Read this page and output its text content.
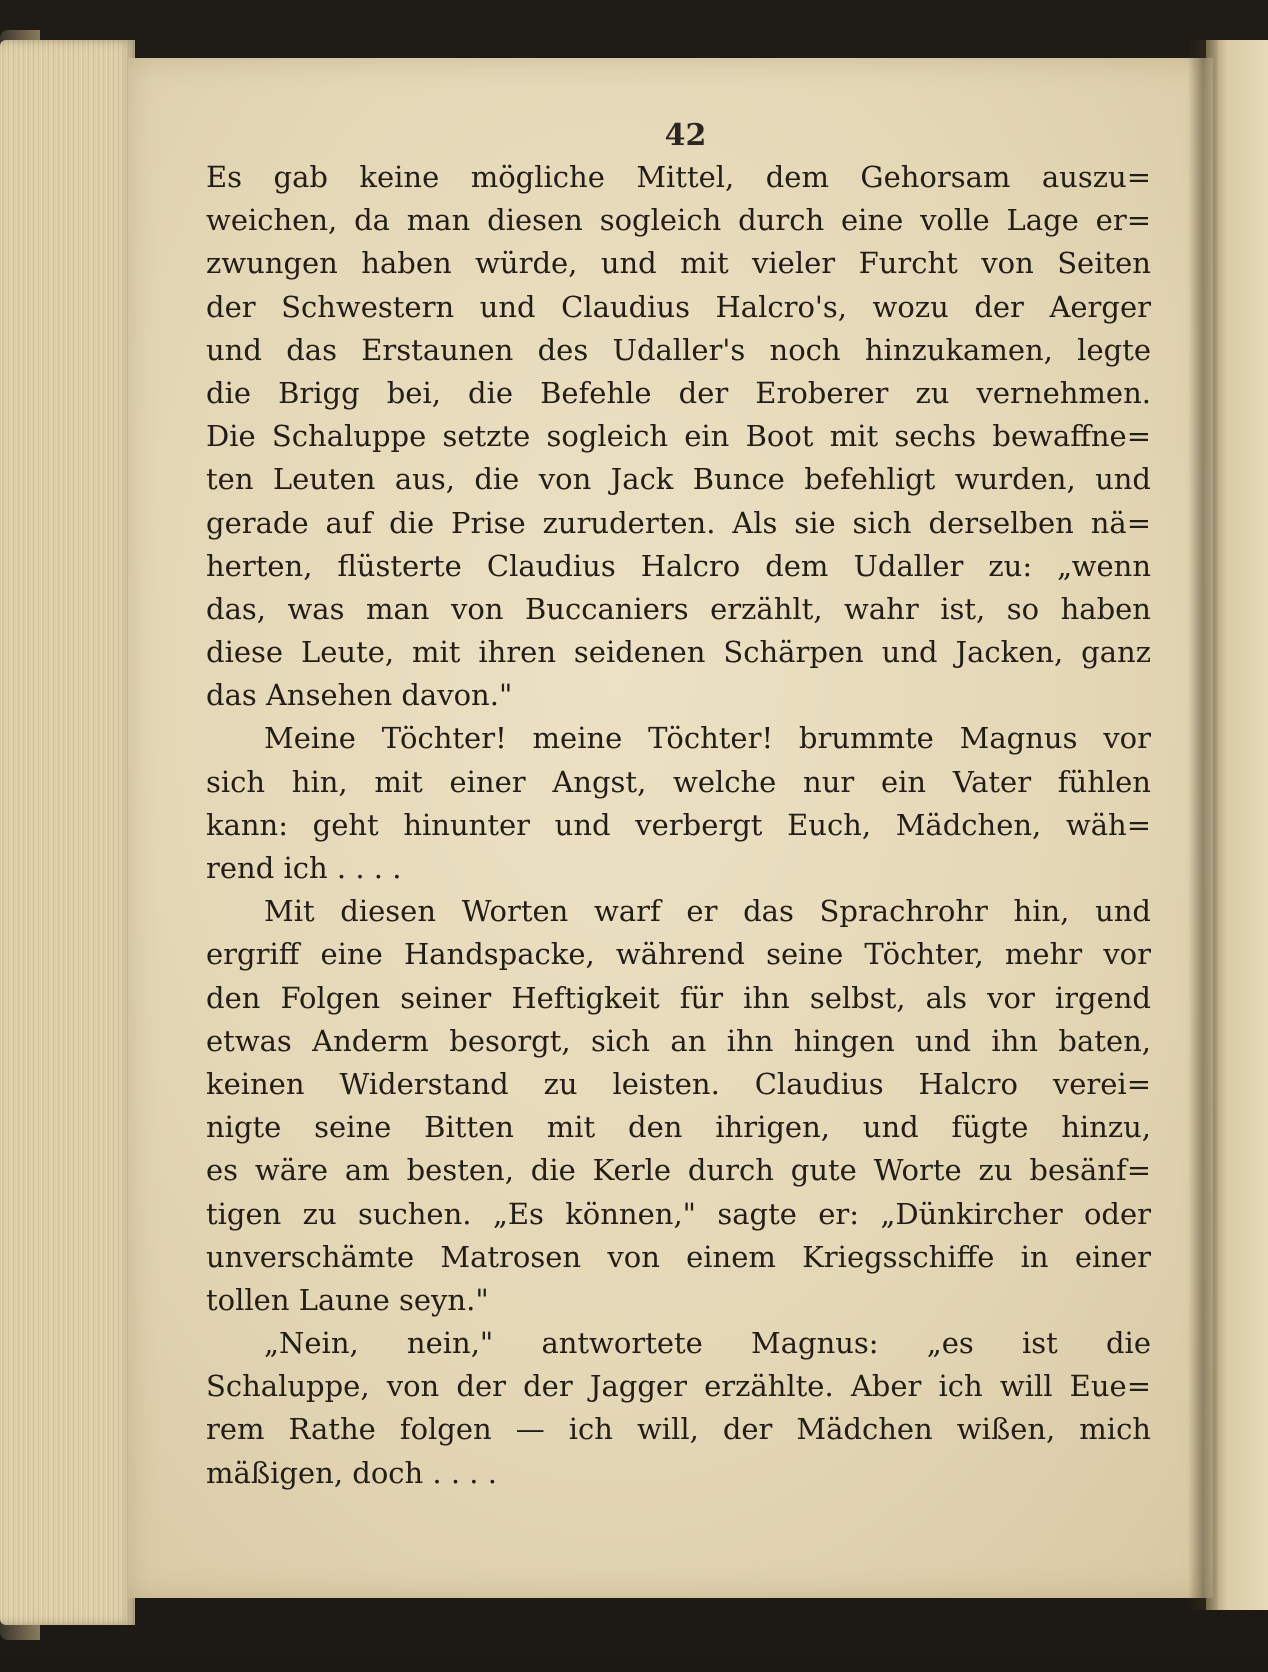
42
Es gab keine mögliche Mittel, dem Gehorsam auszu=
weichen, da man diesen sogleich durch eine volle Lage er=
zwungen haben würde, und mit vieler Furcht von Seiten
der Schwestern und Claudius Halcro's, wozu der Aerger
und das Erstaunen des Udaller's noch hinzukamen, legte
die Brigg bei, die Befehle der Eroberer zu vernehmen.
Die Schaluppe setzte sogleich ein Boot mit sechs bewaffne=
ten Leuten aus, die von Jack Bunce befehligt wurden, und
gerade auf die Prise zuruderten. Als sie sich derselben nä=
herten, flüsterte Claudius Halcro dem Udaller zu: „wenn
das, was man von Buccaniers erzählt, wahr ist, so haben
diese Leute, mit ihren seidenen Schärpen und Jacken, ganz
das Ansehen davon."
Meine Töchter! meine Töchter! brummte Magnus vor
sich hin, mit einer Angst, welche nur ein Vater fühlen
kann: geht hinunter und verbergt Euch, Mädchen, wäh=
rend ich . . . .
Mit diesen Worten warf er das Sprachrohr hin, und
ergriff eine Handspacke, während seine Töchter, mehr vor
den Folgen seiner Heftigkeit für ihn selbst, als vor irgend
etwas Anderm besorgt, sich an ihn hingen und ihn baten,
keinen Widerstand zu leisten. Claudius Halcro verei=
nigte seine Bitten mit den ihrigen, und fügte hinzu,
es wäre am besten, die Kerle durch gute Worte zu besänf=
tigen zu suchen. „Es können," sagte er: „Dünkircher oder
unverschämte Matrosen von einem Kriegsschiffe in einer
tollen Laune seyn."
„Nein, nein," antwortete Magnus: „es ist die
Schaluppe, von der der Jagger erzählte. Aber ich will Eue=
rem Rathe folgen — ich will, der Mädchen wißen, mich
mäßigen, doch . . . .
